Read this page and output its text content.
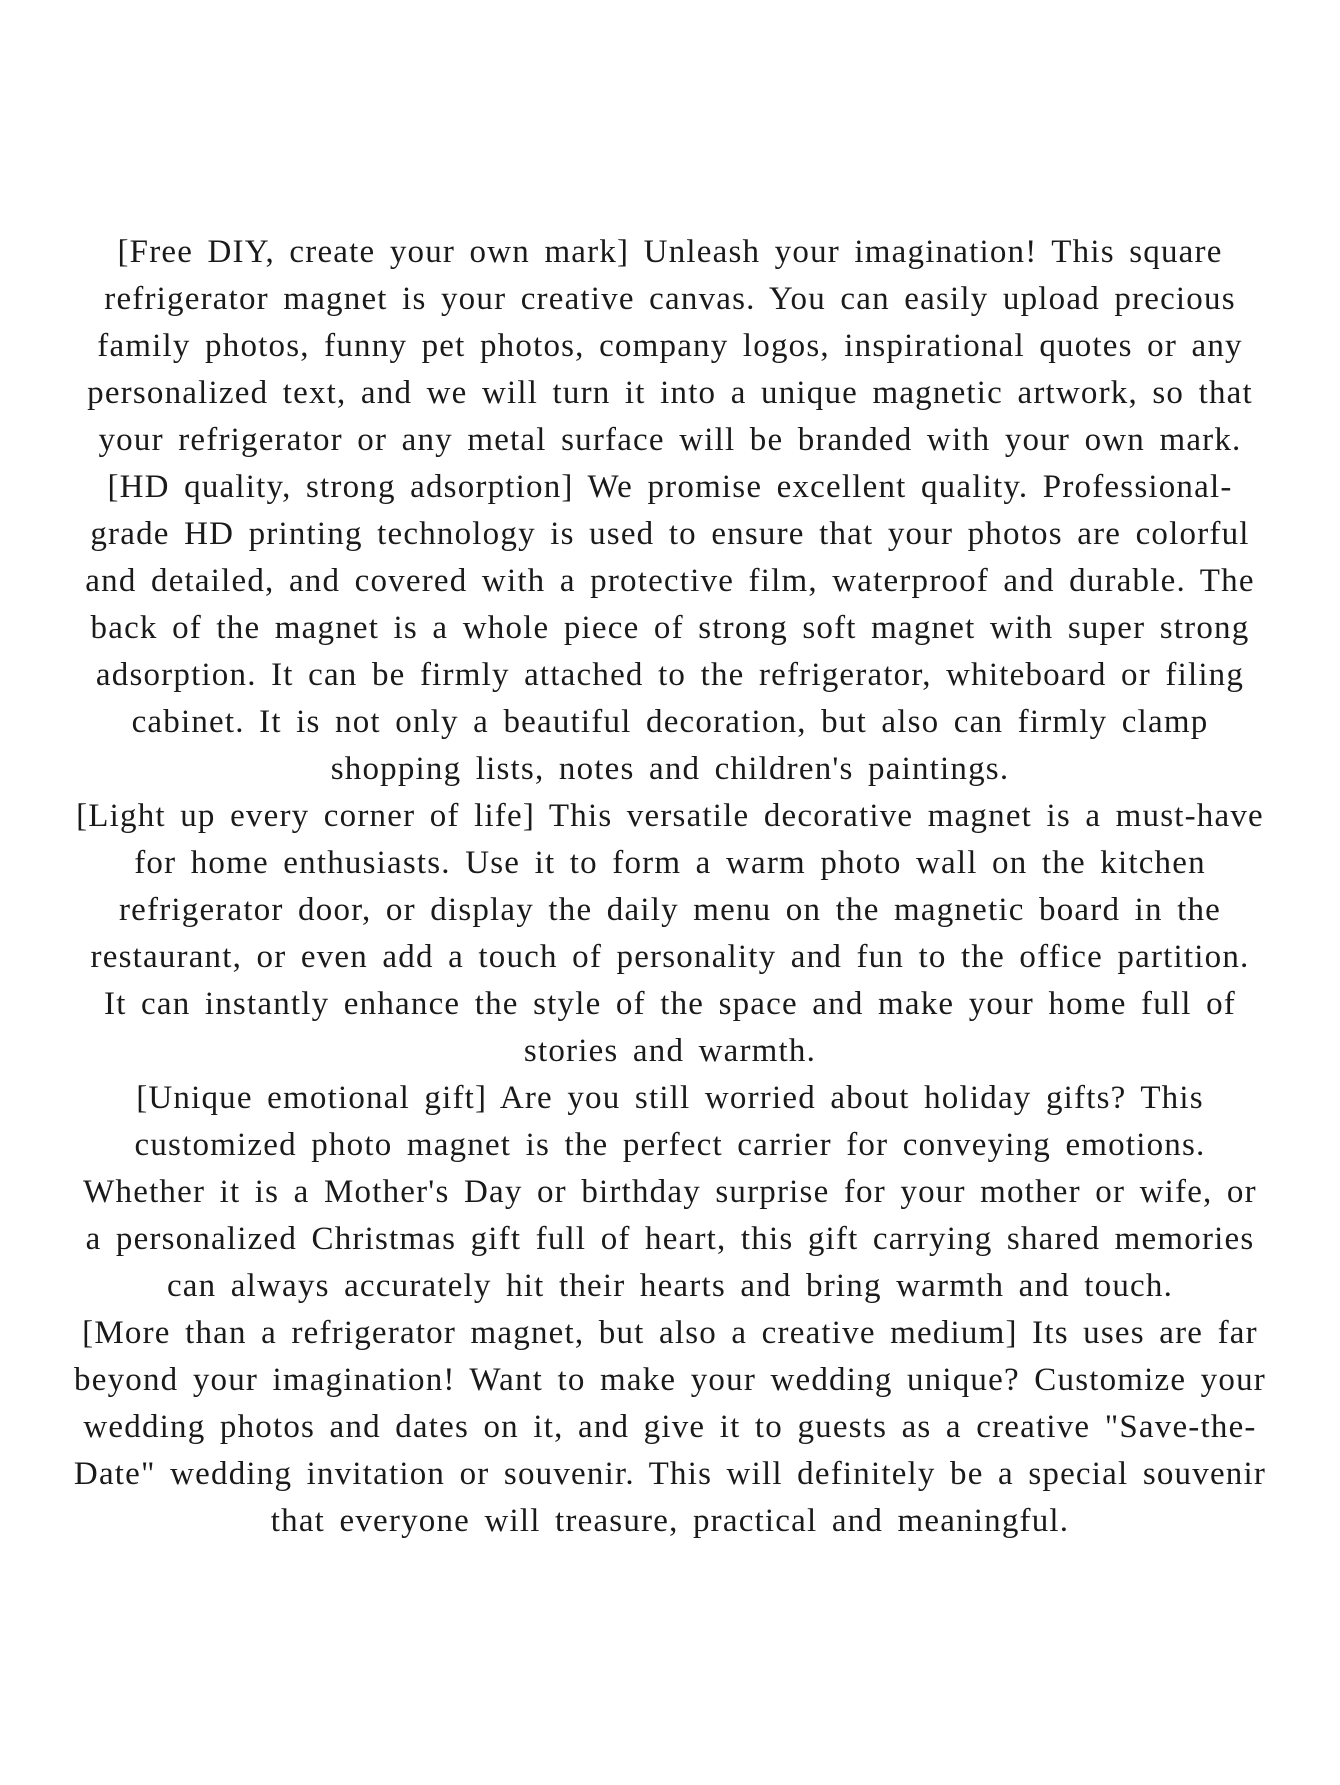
[Free DIY, create your own mark] Unleash your imagination! This square
refrigerator magnet is your creative canvas. You can easily upload precious
family photos, funny pet photos, company logos, inspirational quotes or any
personalized text, and we will turn it into a unique magnetic artwork, so that
your refrigerator or any metal surface will be branded with your own mark.
[HD quality, strong adsorption] We promise excellent quality. Professional-
grade HD printing technology is used to ensure that your photos are colorful
and detailed, and covered with a protective film, waterproof and durable. The
back of the magnet is a whole piece of strong soft magnet with super strong
adsorption. It can be firmly attached to the refrigerator, whiteboard or filing
cabinet. It is not only a beautiful decoration, but also can firmly clamp
shopping lists, notes and children's paintings.
[Light up every corner of life] This versatile decorative magnet is a must-have
for home enthusiasts. Use it to form a warm photo wall on the kitchen
refrigerator door, or display the daily menu on the magnetic board in the
restaurant, or even add a touch of personality and fun to the office partition.
It can instantly enhance the style of the space and make your home full of
stories and warmth.
[Unique emotional gift] Are you still worried about holiday gifts? This
customized photo magnet is the perfect carrier for conveying emotions.
Whether it is a Mother's Day or birthday surprise for your mother or wife, or
a personalized Christmas gift full of heart, this gift carrying shared memories
can always accurately hit their hearts and bring warmth and touch.
[More than a refrigerator magnet, but also a creative medium] Its uses are far
beyond your imagination! Want to make your wedding unique? Customize your
wedding photos and dates on it, and give it to guests as a creative "Save-the-
Date" wedding invitation or souvenir. This will definitely be a special souvenir
that everyone will treasure, practical and meaningful.
